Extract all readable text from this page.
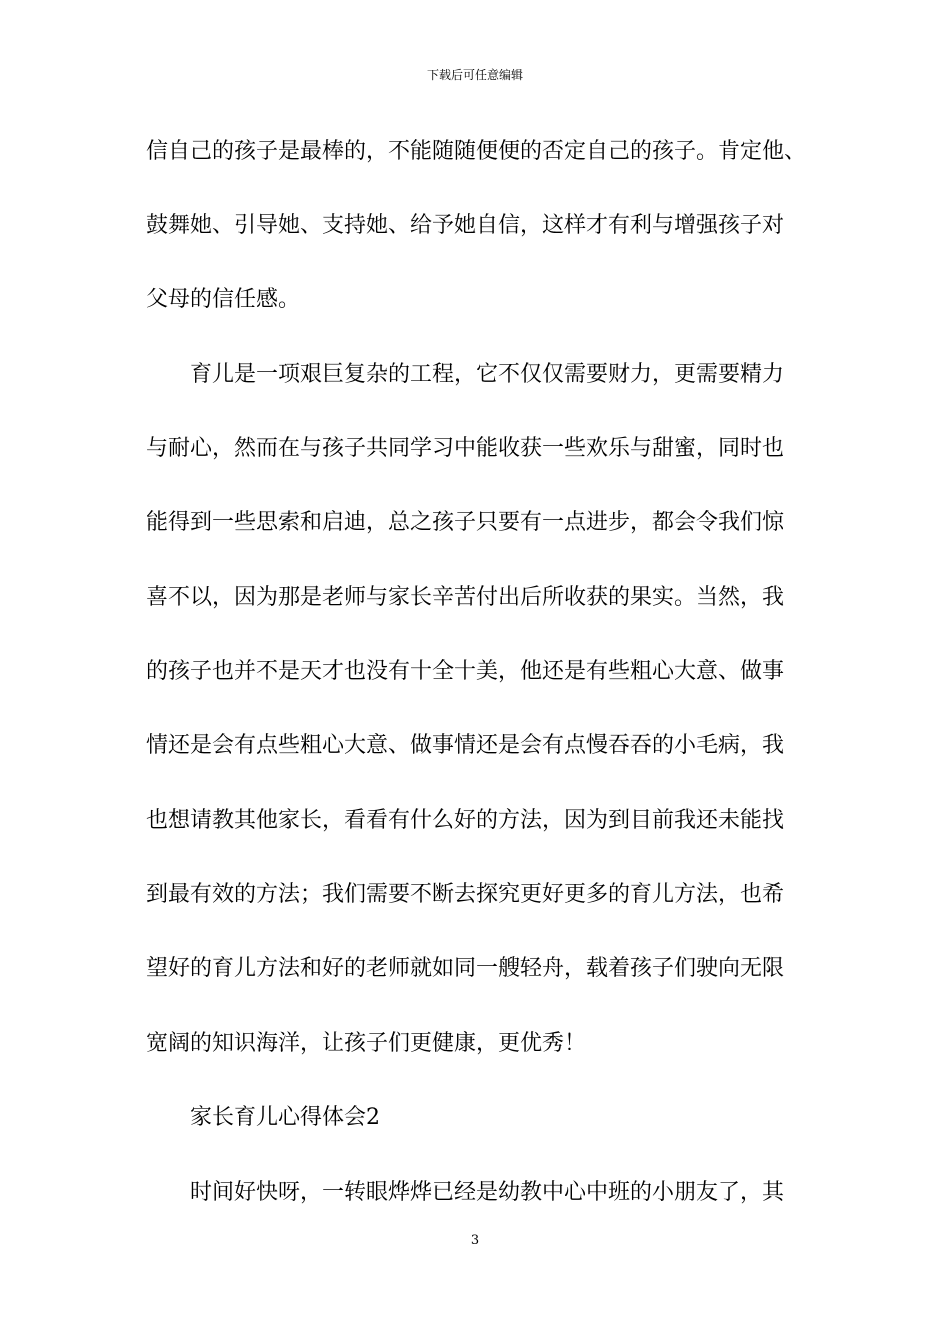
下载后可任意编辑
信自己的孩子是最棒的，不能随随便便的否定自己的孩子。肯定他、
鼓舞她、引导她、支持她、给予她自信，这样才有利与增强孩子对
父母的信任感。
　　育儿是一项艰巨复杂的工程，它不仅仅需要财力，更需要精力
与耐心，然而在与孩子共同学习中能收获一些欢乐与甜蜜，同时也
能得到一些思索和启迪，总之孩子只要有一点进步，都会令我们惊
喜不以，因为那是老师与家长辛苦付出后所收获的果实。当然，我
的孩子也并不是天才也没有十全十美，他还是有些粗心大意、做事
情还是会有点些粗心大意、做事情还是会有点慢吞吞的小毛病，我
也想请教其他家长，看看有什么好的方法，因为到目前我还未能找
到最有效的方法；我们需要不断去探究更好更多的育儿方法，也希
望好的育儿方法和好的老师就如同一艘轻舟，载着孩子们驶向无限
宽阔的知识海洋，让孩子们更健康，更优秀！
　　家长育儿心得体会2
　　时间好快呀，一转眼烨烨已经是幼教中心中班的小朋友了，其
3
